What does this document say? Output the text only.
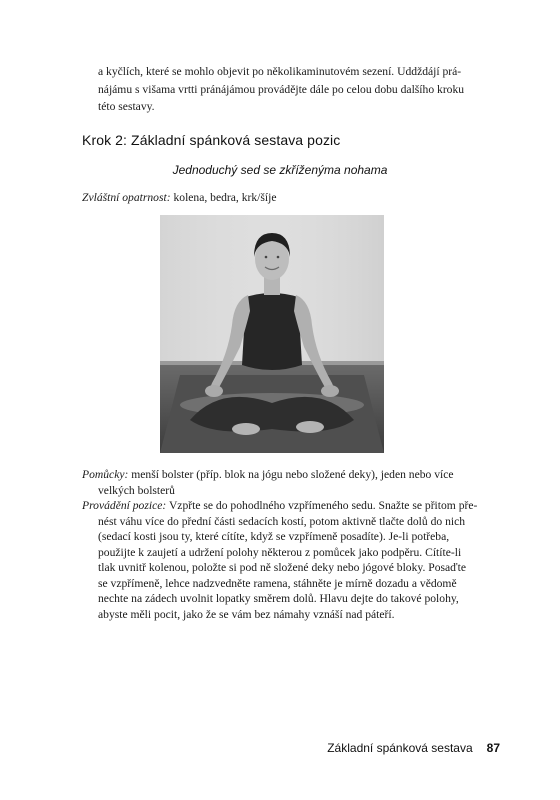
a kyčlích, které se mohlo objevit po několikaminutovém sezení. Uddždájí prá-
nájámu s višama vrtti pránájámou provádějte dále po celou dobu dalšího kroku
této sestavy.
Krok 2: Základní spánková sestava pozic
Jednoduchý sed se zkříženýma nohama
Zvláštní opatrnost: kolena, bedra, krk/šíje
Pomůcky: menší bolster (příp. blok na jógu nebo složené deky), jeden nebo více
velkých bolsterů
Provádění pozice: Vzpřte se do pohodlného vzpřímeného sedu. Snažte se přitom pře-
nést váhu více do přední části sedacích kostí, potom aktivně tlačte dolů do nich
(sedací kosti jsou ty, které cítíte, když se vzpřímeně posadíte). Je-li potřeba,
použijte k zaujetí a udržení polohy některou z pomůcek jako podpěru. Cítíte-li
tlak uvnitř kolenou, položte si pod ně složené deky nebo jógové bloky. Posaďte
se vzpřímeně, lehce nadzvedněte ramena, stáhněte je mírně dozadu a vědomě
nechte na zádech uvolnit lopatky směrem dolů. Hlavu dejte do takové polohy,
abyste měli pocit, jako že se vám bez námahy vznáší nad páteří.
Základní spánková sestava 87
